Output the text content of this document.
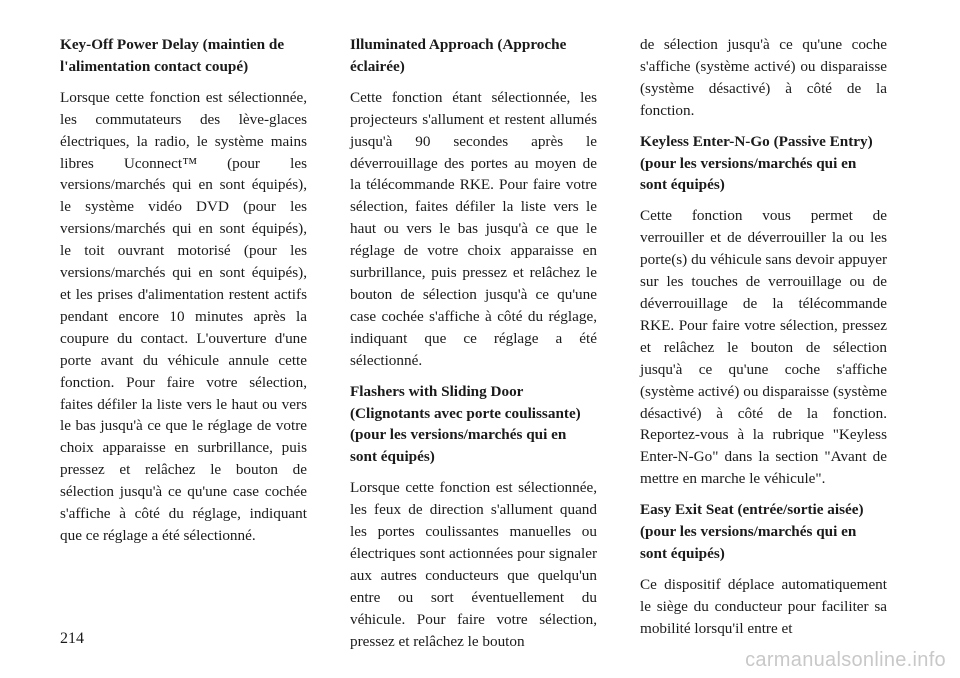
Key-Off Power Delay (maintien de l'alimentation contact coupé)

Lorsque cette fonction est sélectionnée, les commutateurs des lève-glaces électriques, la radio, le système mains libres Uconnect™ (pour les versions/marchés qui en sont équipés), le système vidéo DVD (pour les versions/marchés qui en sont équipés), le toit ouvrant motorisé (pour les versions/marchés qui en sont équipés), et les prises d'alimentation restent actifs pendant encore 10 minutes après la coupure du contact. L'ouverture d'une porte avant du véhicule annule cette fonction. Pour faire votre sélection, faites défiler la liste vers le haut ou vers le bas jusqu'à ce que le réglage de votre choix apparaisse en surbrillance, puis pressez et relâchez le bouton de sélection jusqu'à ce qu'une case cochée s'affiche à côté du réglage, indiquant que ce réglage a été sélectionné.

Illuminated Approach (Approche éclairée)

Cette fonction étant sélectionnée, les projecteurs s'allument et restent allumés jusqu'à 90 secondes après le déverrouillage des portes au moyen de la télécommande RKE. Pour faire votre sélection, faites défiler la liste vers le haut ou vers le bas jusqu'à ce que le réglage de votre choix apparaisse en surbrillance, puis pressez et relâchez le bouton de sélection jusqu'à ce qu'une case cochée s'affiche à côté du réglage, indiquant que ce réglage a été sélectionné.

Flashers with Sliding Door (Clignotants avec porte coulissante) (pour les versions/marchés qui en sont équipés)

Lorsque cette fonction est sélectionnée, les feux de direction s'allument quand les portes coulissantes manuelles ou électriques sont actionnées pour signaler aux autres conducteurs que quelqu'un entre ou sort éventuellement du véhicule. Pour faire votre sélection, pressez et relâchez le bouton

de sélection jusqu'à ce qu'une coche s'affiche (système activé) ou disparaisse (système désactivé) à côté de la fonction.

Keyless Enter-N-Go (Passive Entry) (pour les versions/marchés qui en sont équipés)

Cette fonction vous permet de verrouiller et de déverrouiller la ou les porte(s) du véhicule sans devoir appuyer sur les touches de verrouillage ou de déverrouillage de la télécommande RKE. Pour faire votre sélection, pressez et relâchez le bouton de sélection jusqu'à ce qu'une coche s'affiche (système activé) ou disparaisse (système désactivé) à côté de la fonction. Reportez-vous à la rubrique "Keyless Enter-N-Go" dans la section "Avant de mettre en marche le véhicule".

Easy Exit Seat (entrée/sortie aisée) (pour les versions/marchés qui en sont équipés)

Ce dispositif déplace automatiquement le siège du conducteur pour faciliter sa mobilité lorsqu'il entre et

214
carmanualsonline.info
